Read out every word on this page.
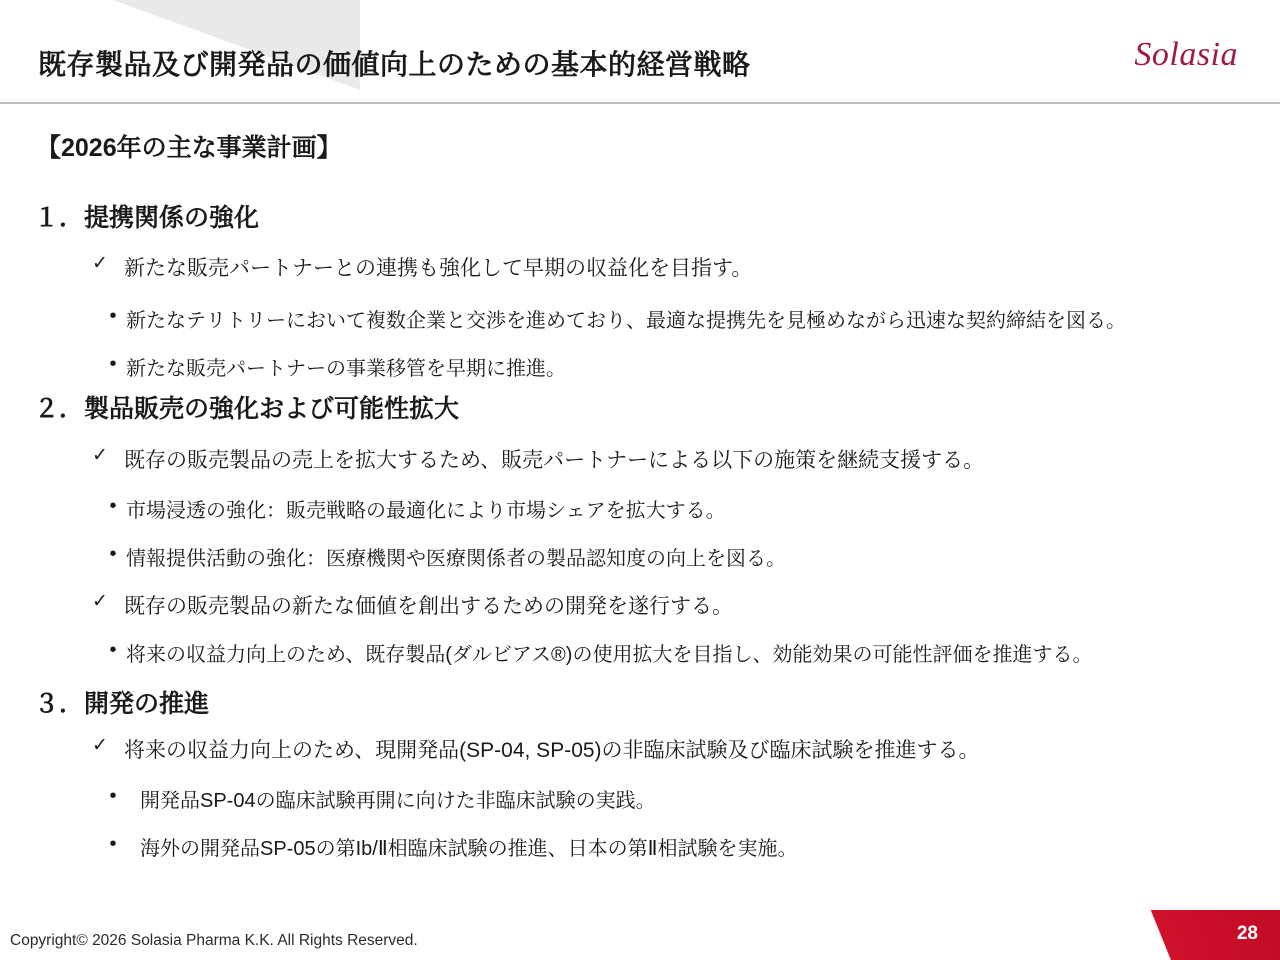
既存製品及び開発品の価値向上のための基本的経営戦略	Solasia
【2026年の主な事業計画】
１．提携関係の強化
✓ 新たな販売パートナーとの連携も強化して早期の収益化を目指す。
• 新たなテリトリーにおいて複数企業と交渉を進めており、最適な提携先を見極めながら迅速な契約締結を図る。
• 新たな販売パートナーの事業移管を早期に推進。
２．製品販売の強化および可能性拡大
✓ 既存の販売製品の売上を拡大するため、販売パートナーによる以下の施策を継続支援する。
• 市場浸透の強化：販売戦略の最適化により市場シェアを拡大する。
• 情報提供活動の強化：医療機関や医療関係者の製品認知度の向上を図る。
✓ 既存の販売製品の新たな価値を創出するための開発を遂行する。
• 将来の収益力向上のため、既存製品(ダルビアス®)の使用拡大を目指し、効能効果の可能性評価を推進する。
３．開発の推進
✓ 将来の収益力向上のため、現開発品(SP-04, SP-05)の非臨床試験及び臨床試験を推進する。
•	開発品SP-04の臨床試験再開に向けた非臨床試験の実践。
•	海外の開発品SP-05の第Ib/Ⅱ相臨床試験の推進、日本の第Ⅱ相試験を実施。
Copyright© 2026 Solasia Pharma K.K. All Rights Reserved.	28
